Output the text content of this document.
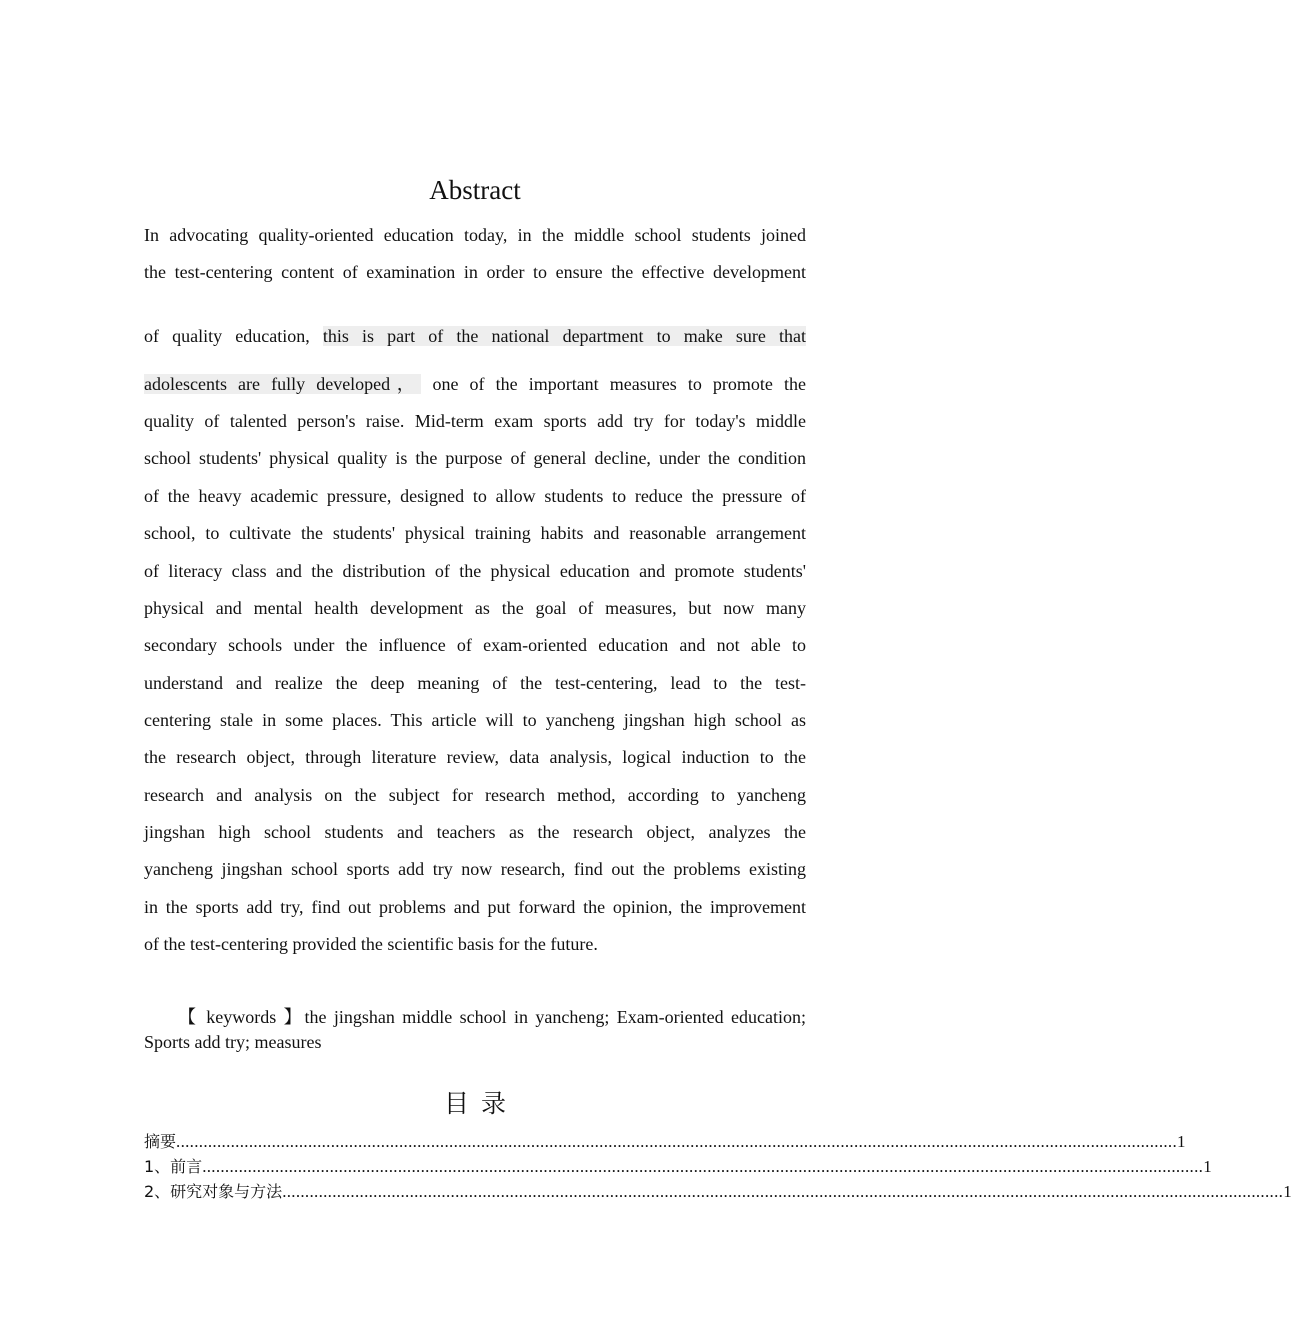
Abstract
In advocating quality-oriented education today, in the middle school students joined
the test-centering content of examination in order to ensure the effective development
of quality education, this is part of the national department to make sure that
adolescents are fully developed， one of the important measures to promote the
quality of talented person's raise. Mid-term exam sports add try for today's middle
school students' physical quality is the purpose of general decline, under the condition
of the heavy academic pressure, designed to allow students to reduce the pressure of
school, to cultivate the students' physical training habits and reasonable arrangement
of literacy class and the distribution of the physical education and promote students'
physical and mental health development as the goal of measures, but now many
secondary schools under the influence of exam-oriented education and not able to
understand and realize the deep meaning of the test-centering, lead to the test-
centering stale in some places. This article will to yancheng jingshan high school as
the research object, through literature review, data analysis, logical induction to the
research and analysis on the subject for research method, according to yancheng
jingshan high school students and teachers as the research object, analyzes the
yancheng jingshan school sports add try now research, find out the problems existing
in the sports add try, find out problems and put forward the opinion, the improvement
of the test-centering provided the scientific basis for the future.
【 keywords 】the jingshan middle school in yancheng; Exam-oriented education;
Sports add try; measures
目录
摘要 ............................................................................................................................................................................................................................ 1
1、前言 ............................................................................................................................................................................................................................ 1
2、研究对象与方法 ............................................................................................................................................................................................................................ 1
